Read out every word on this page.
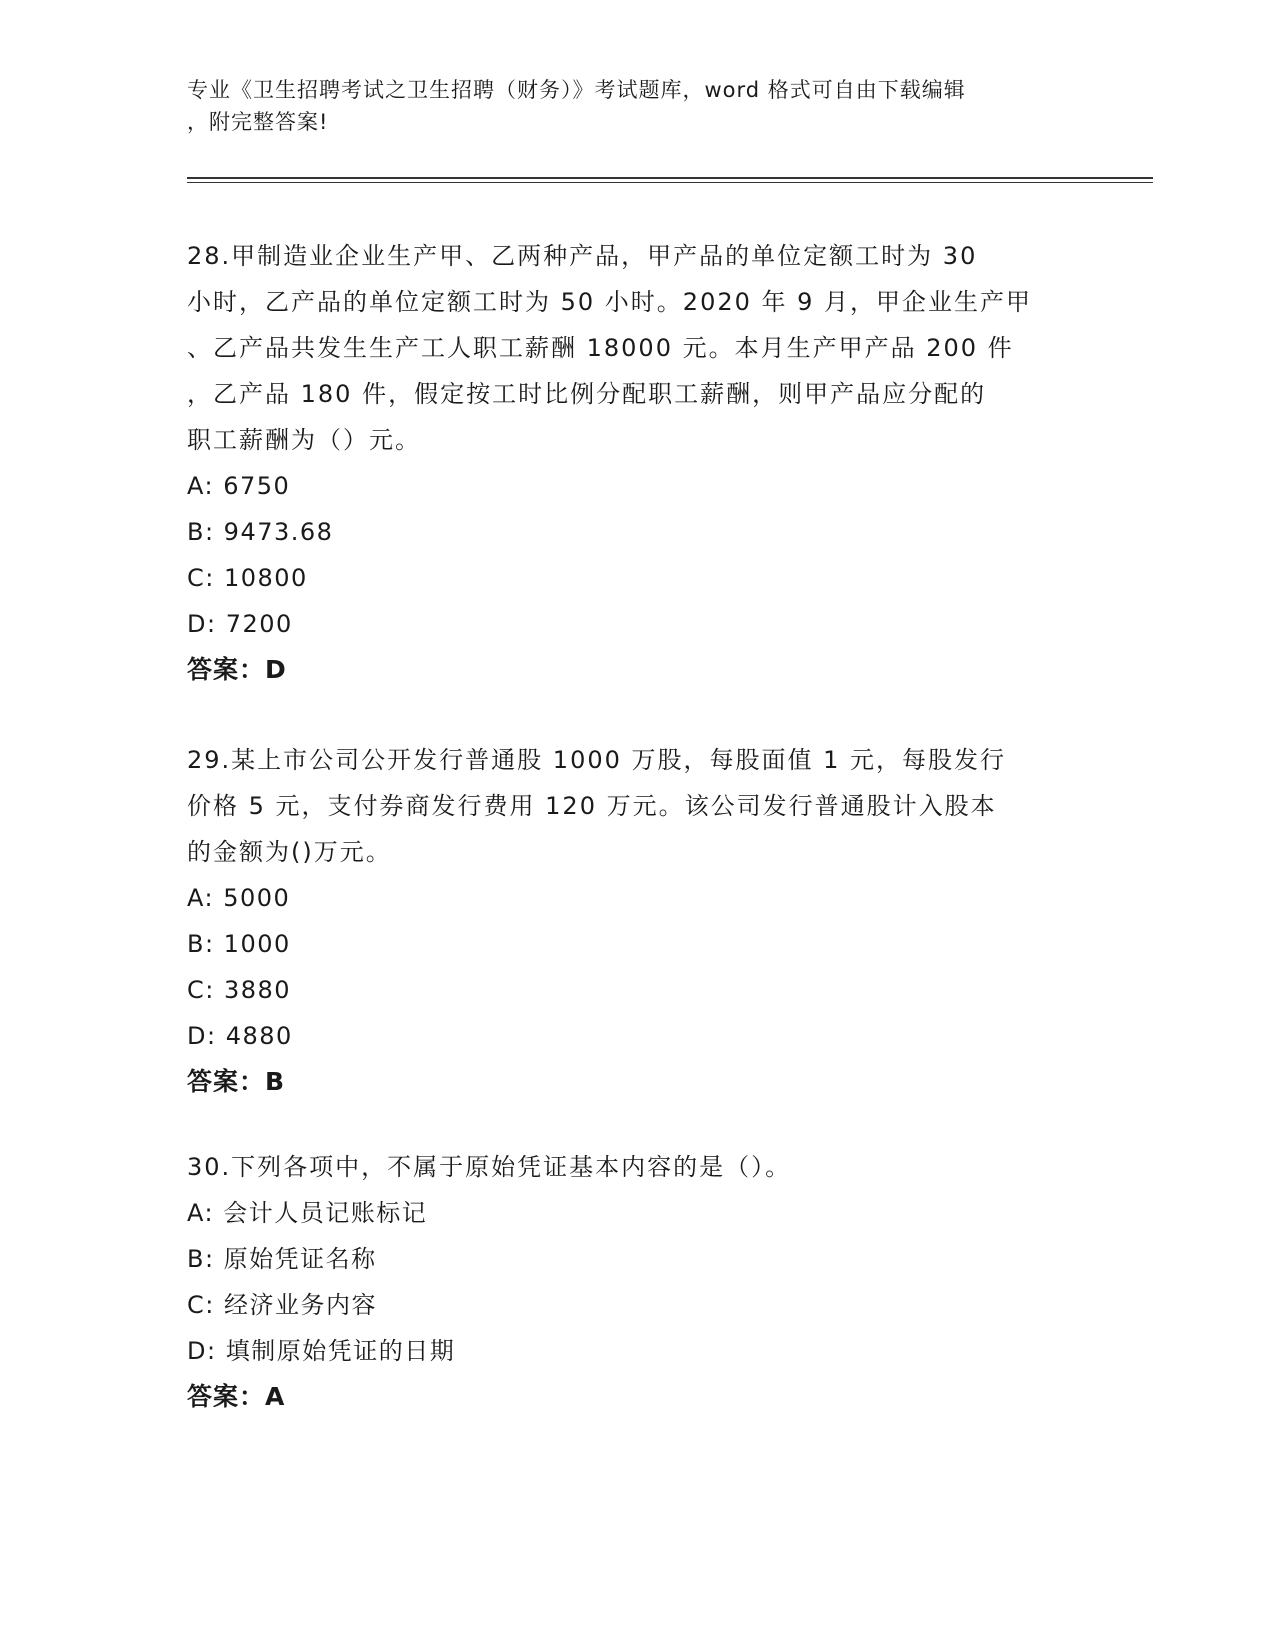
专业《卫生招聘考试之卫生招聘（财务）》考试题库，word 格式可自由下载编辑
，附完整答案!
28.甲制造业企业生产甲、乙两种产品，甲产品的单位定额工时为 30
小时，乙产品的单位定额工时为 50 小时。2020 年 9 月，甲企业生产甲
、乙产品共发生生产工人职工薪酬 18000 元。本月生产甲产品 200 件
，乙产品 180 件，假定按工时比例分配职工薪酬，则甲产品应分配的
职工薪酬为（）元。
A: 6750
B: 9473.68
C: 10800
D: 7200
答案：D
29.某上市公司公开发行普通股 1000 万股，每股面值 1 元，每股发行
价格 5 元，支付券商发行费用 120 万元。该公司发行普通股计入股本
的金额为()万元。
A: 5000
B: 1000
C: 3880
D: 4880
答案：B
30.下列各项中，不属于原始凭证基本内容的是（）。
A: 会计人员记账标记
B: 原始凭证名称
C: 经济业务内容
D: 填制原始凭证的日期
答案：A
